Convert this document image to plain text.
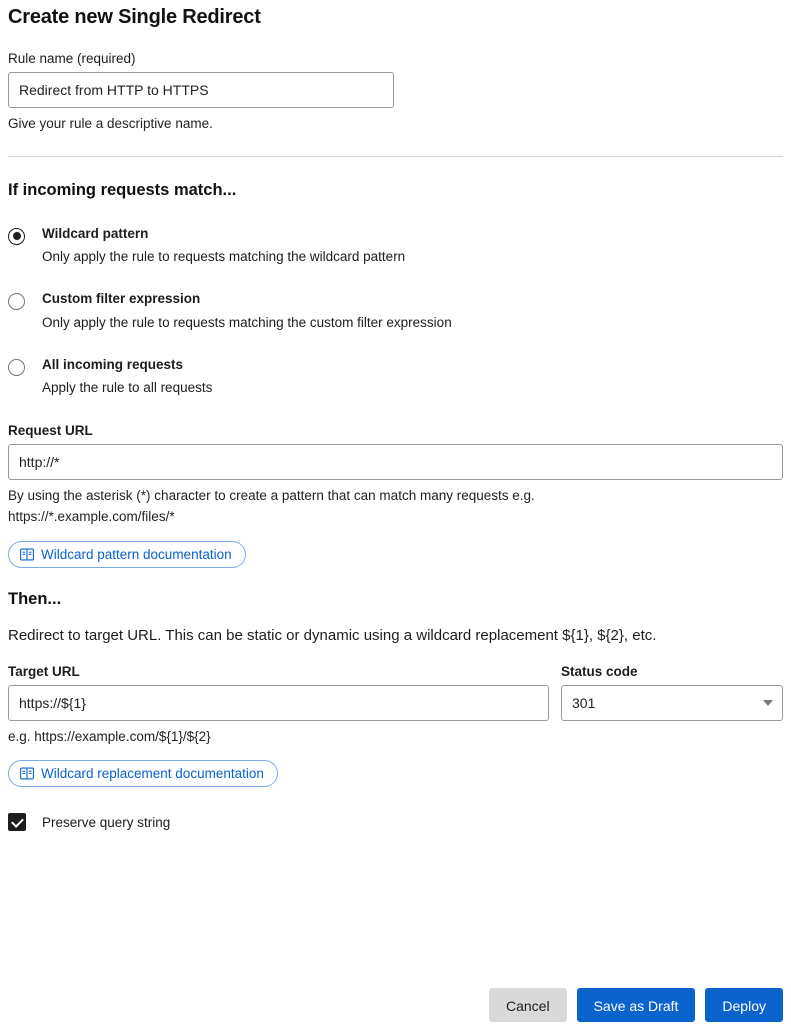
Create new Single Redirect
Rule name (required)
Redirect from HTTP to HTTPS
Give your rule a descriptive name.
If incoming requests match...
Wildcard pattern
Only apply the rule to requests matching the wildcard pattern
Custom filter expression
Only apply the rule to requests matching the custom filter expression
All incoming requests
Apply the rule to all requests
Request URL
http://*
By using the asterisk (*) character to create a pattern that can match many requests e.g.
https://*.example.com/files/*
Wildcard pattern documentation
Then...
Redirect to target URL. This can be static or dynamic using a wildcard replacement ${1}, ${2}, etc.
Target URL
https://${1}
e.g. https://example.com/${1}/${2}
Status code
301
Wildcard replacement documentation
Preserve query string
Cancel	Save as Draft	Deploy
